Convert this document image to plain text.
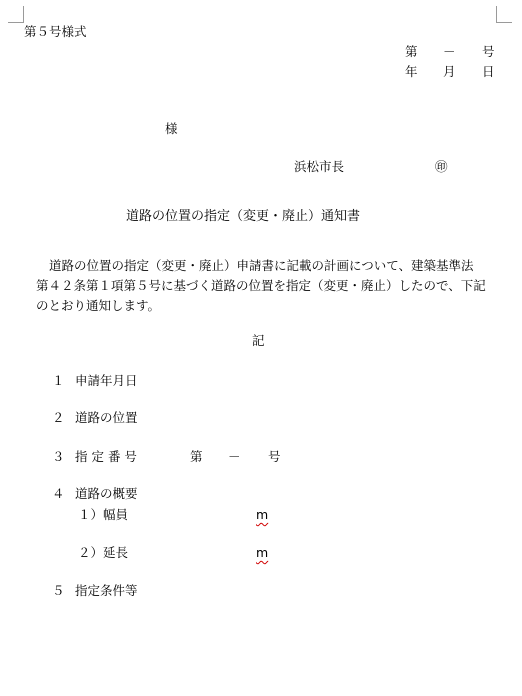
第５号様式
第 － 号
年 月 日
様
浜松市長	㊞
道路の位置の指定（変更・廃止）通知書

道路の位置の指定（変更・廃止）申請書に記載の計画について、建築基準法

第４２条第１項第５号に基づく道路の位置を指定（変更・廃止）したので、下記

のとおり通知します。

記
１ 申請年月日
２ 道路の位置
３ 指 定 番 号	第 － 号
４ 道路の概要
１）幅員	m
２）延長	m
５ 指定条件等
